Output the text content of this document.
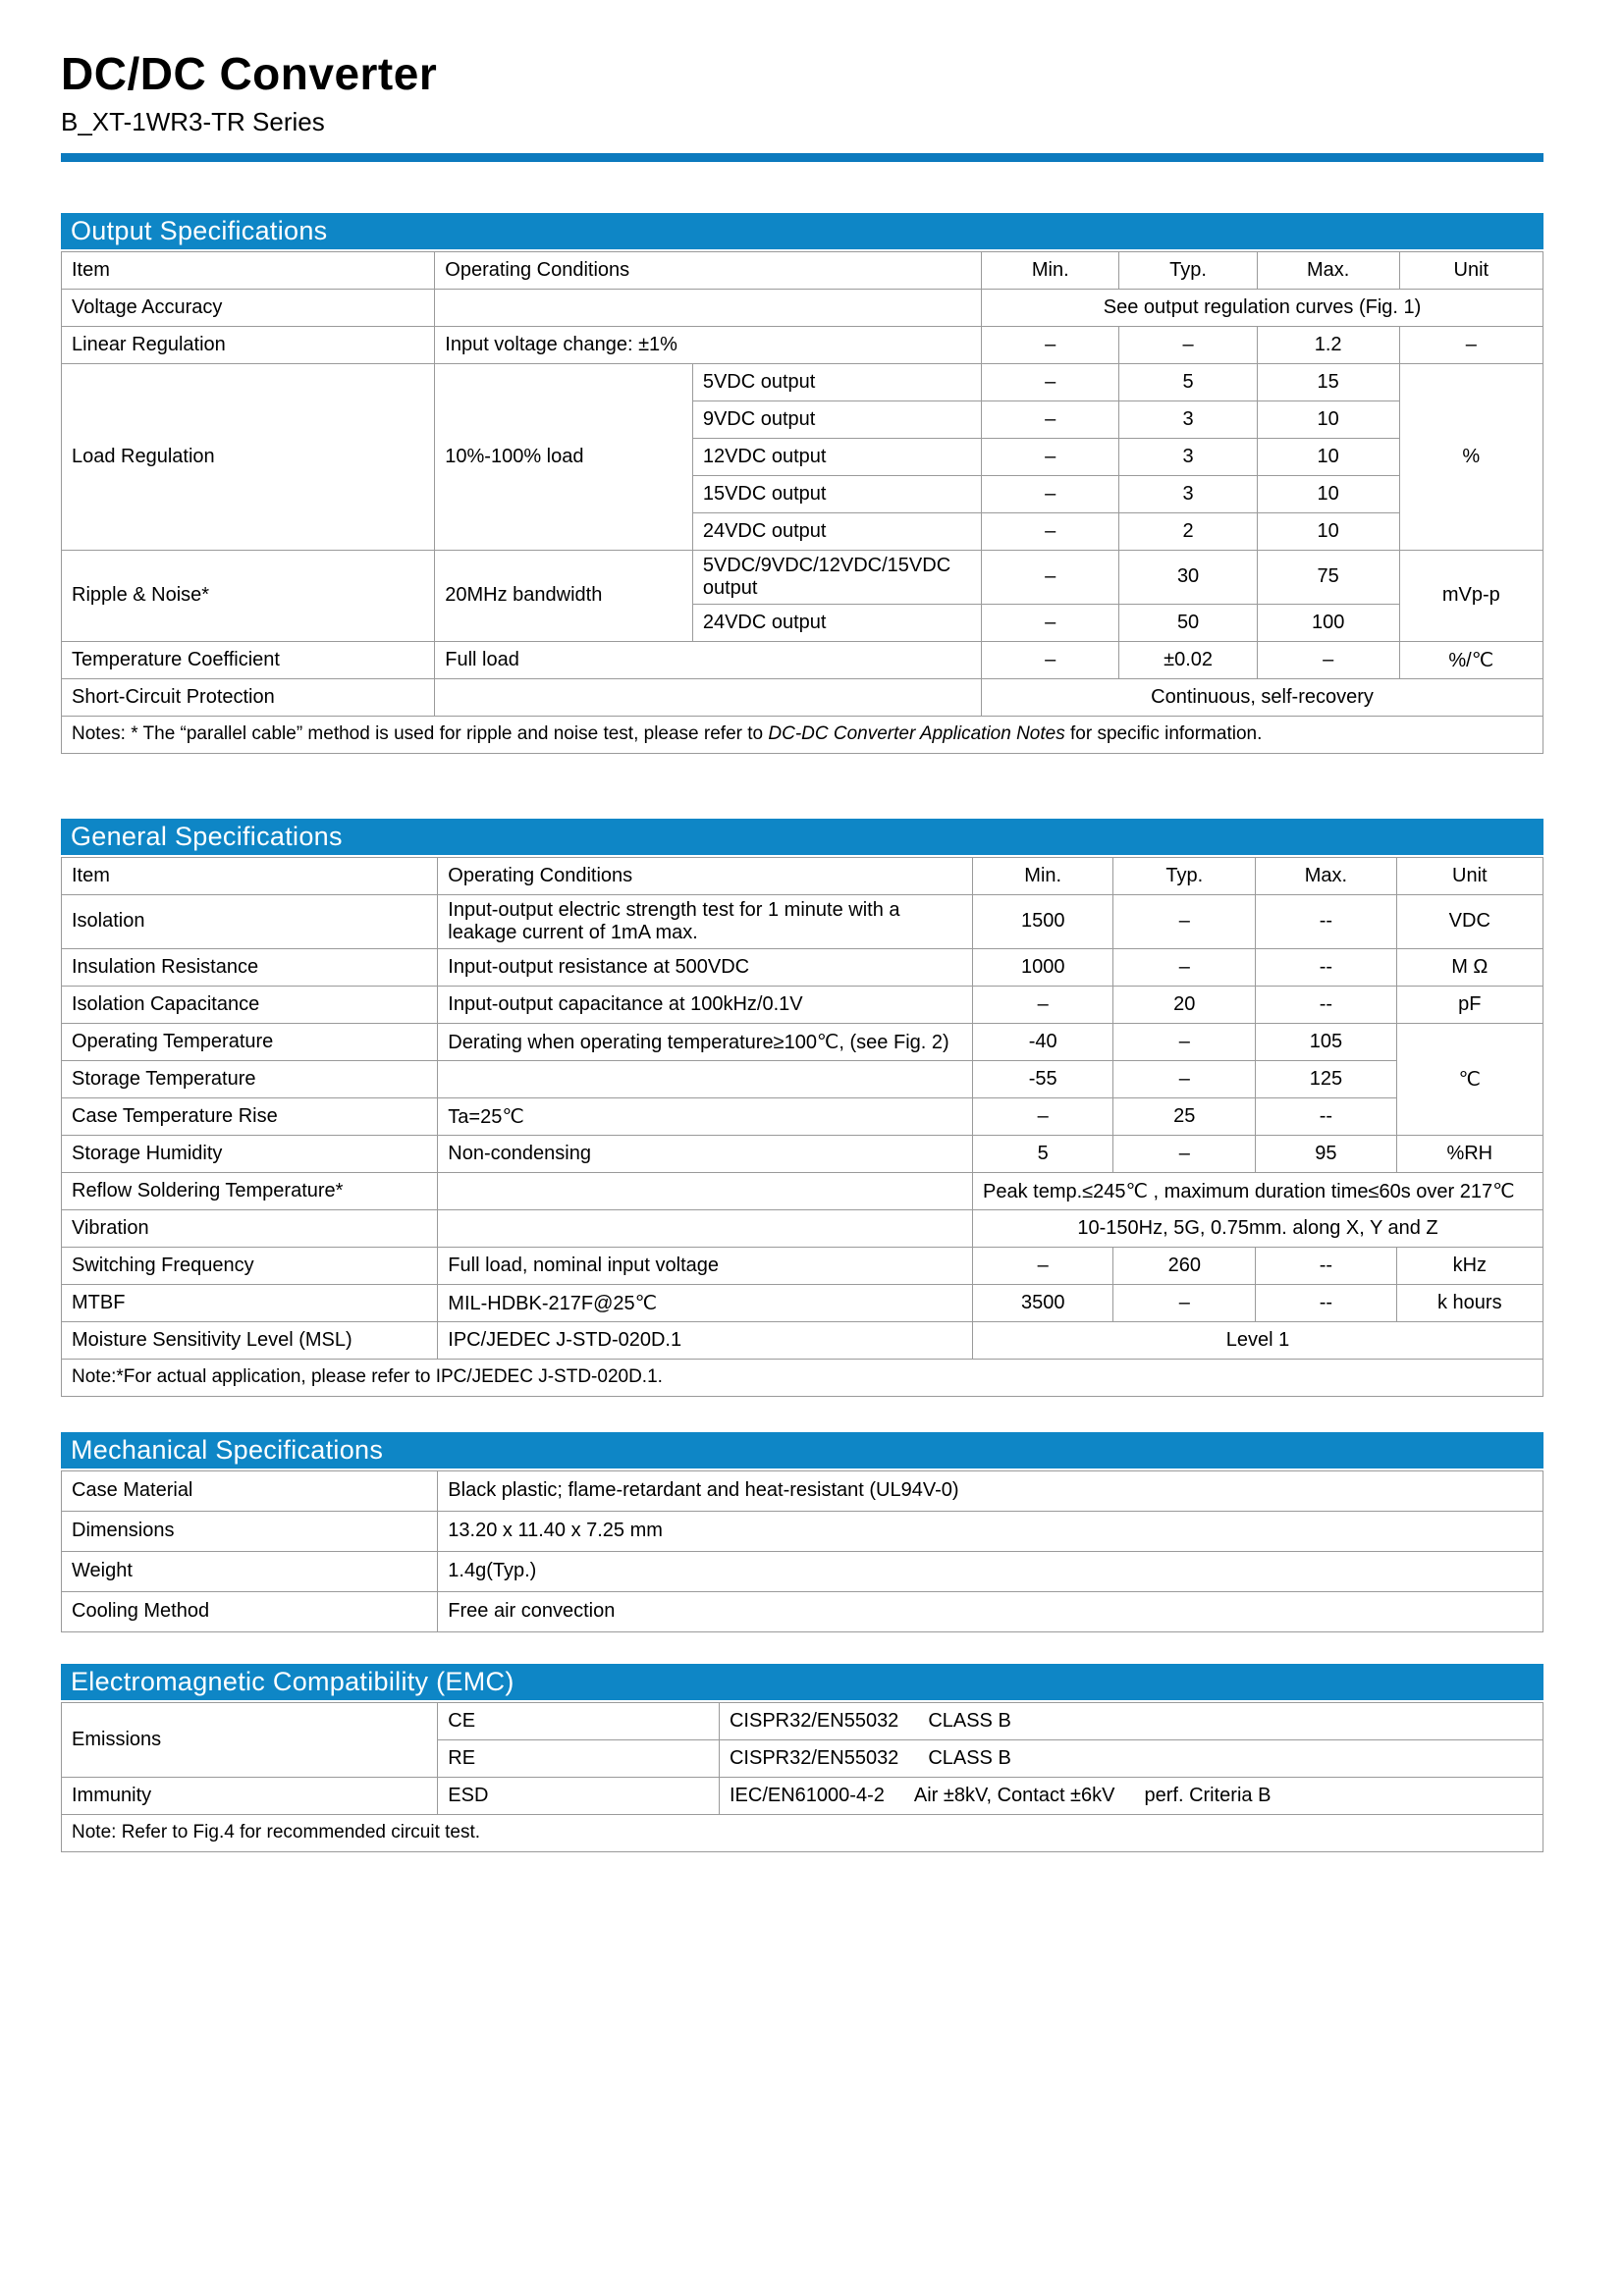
DC/DC Converter
B_XT-1WR3-TR Series
Output Specifications
Item	Operating Conditions		Min.	Typ.	Max.	Unit
Voltage Accuracy			See output regulation curves (Fig. 1)			
Linear Regulation	Input voltage change: ±1%		–	–	1.2	–
Load Regulation	10%-100% load	5VDC output	–	5	15	%
		9VDC output	–	3	10	
		12VDC output	–	3	10	
		15VDC output	–	3	10	
		24VDC output	–	2	10	
Ripple & Noise*	20MHz bandwidth	5VDC/9VDC/12VDC/15VDC output	–	30	75	mVp-p
		24VDC output	–	50	100	
Temperature Coefficient	Full load		–	±0.02	–	%/℃
Short-Circuit Protection			Continuous, self-recovery			
Notes: * The “parallel cable” method is used for ripple and noise test, please refer to DC-DC Converter Application Notes for specific information.						
General Specifications
Item	Operating Conditions	Min.	Typ.	Max.	Unit
Isolation	Input-output electric strength test for 1 minute with a leakage current of 1mA max.	1500	–	--	VDC
Insulation Resistance	Input-output resistance at 500VDC	1000	–	--	M Ω
Isolation Capacitance	Input-output capacitance at 100kHz/0.1V	–	20	--	pF
Operating Temperature	Derating when operating temperature≥100℃, (see Fig. 2)	-40	–	105	℃
Storage Temperature		-55	–	125	
Case Temperature Rise	Ta=25℃	–	25	--	
Storage Humidity	Non-condensing	5	–	95	%RH
Reflow Soldering Temperature*		Peak temp.≤245℃ , maximum duration time≤60s over 217℃			
Vibration		10-150Hz, 5G, 0.75mm. along X, Y and Z			
Switching Frequency	Full load, nominal input voltage	–	260	--	kHz
MTBF	MIL-HDBK-217F@25℃	3500	–	--	k hours
Moisture Sensitivity Level (MSL)	IPC/JEDEC J-STD-020D.1	Level 1			
Note:*For actual application, please refer to IPC/JEDEC J-STD-020D.1.					
Mechanical Specifications
Case Material	Black plastic; flame-retardant and heat-resistant (UL94V-0)
Dimensions	13.20 x 11.40 x 7.25 mm
Weight	1.4g(Typ.)
Cooling Method	Free air convection
Electromagnetic Compatibility (EMC)
Emissions	CE	CISPR32/EN55032 CLASS B
	RE	CISPR32/EN55032 CLASS B
Immunity	ESD	IEC/EN61000-4-2 Air ±8kV, Contact ±6kV perf. Criteria B
Note: Refer to Fig.4 for recommended circuit test.		
